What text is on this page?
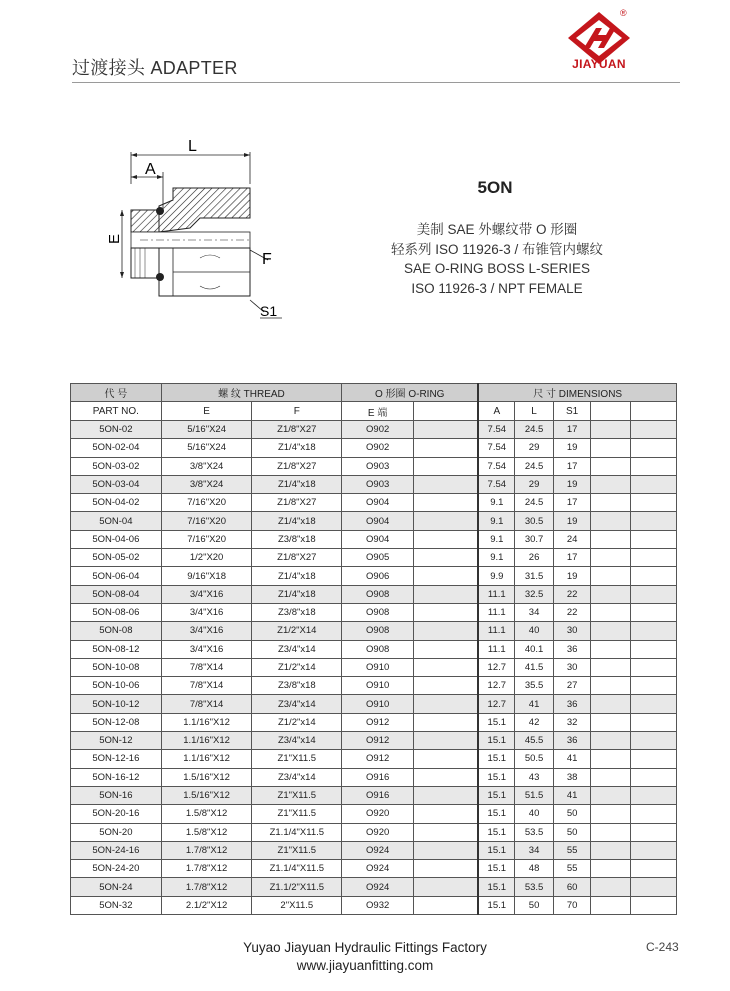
过渡接头 ADAPTER
®
JIAYUAN
L
A
E
F
S1
5ON
美制 SAE 外螺纹带 O 形圈
轻系列 ISO 11926-3 / 布锥管内螺纹
SAE O-RING BOSS L-SERIES
ISO 11926-3 / NPT FEMALE
代 号	螺 纹 THREAD		O 形圈 O-RING		尺 寸 DIMENSIONS				
PART NO.	E	F	E 端		A	L	S1		
5ON-02	5/16"X24	Z1/8"X27	O902		7.54	24.5	17		
5ON-02-04	5/16"X24	Z1/4"x18	O902		7.54	29	19		
5ON-03-02	3/8"X24	Z1/8"X27	O903		7.54	24.5	17		
5ON-03-04	3/8"X24	Z1/4"x18	O903		7.54	29	19		
5ON-04-02	7/16"X20	Z1/8"X27	O904		9.1	24.5	17		
5ON-04	7/16"X20	Z1/4"x18	O904		9.1	30.5	19		
5ON-04-06	7/16"X20	Z3/8"x18	O904		9.1	30.7	24		
5ON-05-02	1/2"X20	Z1/8"X27	O905		9.1	26	17		
5ON-06-04	9/16"X18	Z1/4"x18	O906		9.9	31.5	19		
5ON-08-04	3/4"X16	Z1/4"x18	O908		11.1	32.5	22		
5ON-08-06	3/4"X16	Z3/8"x18	O908		11.1	34	22		
5ON-08	3/4"X16	Z1/2"X14	O908		11.1	40	30		
5ON-08-12	3/4"X16	Z3/4"x14	O908		11.1	40.1	36		
5ON-10-08	7/8"X14	Z1/2"x14	O910		12.7	41.5	30		
5ON-10-06	7/8"X14	Z3/8"x18	O910		12.7	35.5	27		
5ON-10-12	7/8"X14	Z3/4"x14	O910		12.7	41	36		
5ON-12-08	1.1/16"X12	Z1/2"x14	O912		15.1	42	32		
5ON-12	1.1/16"X12	Z3/4"x14	O912		15.1	45.5	36		
5ON-12-16	1.1/16"X12	Z1"X11.5	O912		15.1	50.5	41		
5ON-16-12	1.5/16"X12	Z3/4"x14	O916		15.1	43	38		
5ON-16	1.5/16"X12	Z1"X11.5	O916		15.1	51.5	41		
5ON-20-16	1.5/8"X12	Z1"X11.5	O920		15.1	40	50		
5ON-20	1.5/8"X12	Z1.1/4"X11.5	O920		15.1	53.5	50		
5ON-24-16	1.7/8"X12	Z1"X11.5	O924		15.1	34	55		
5ON-24-20	1.7/8"X12	Z1.1/4"X11.5	O924		15.1	48	55		
5ON-24	1.7/8"X12	Z1.1/2"X11.5	O924		15.1	53.5	60		
5ON-32	2.1/2"X12	2"X11.5	O932		15.1	50	70		
Yuyao Jiayuan Hydraulic Fittings Factory
www.jiayuanfitting.com
C-243
